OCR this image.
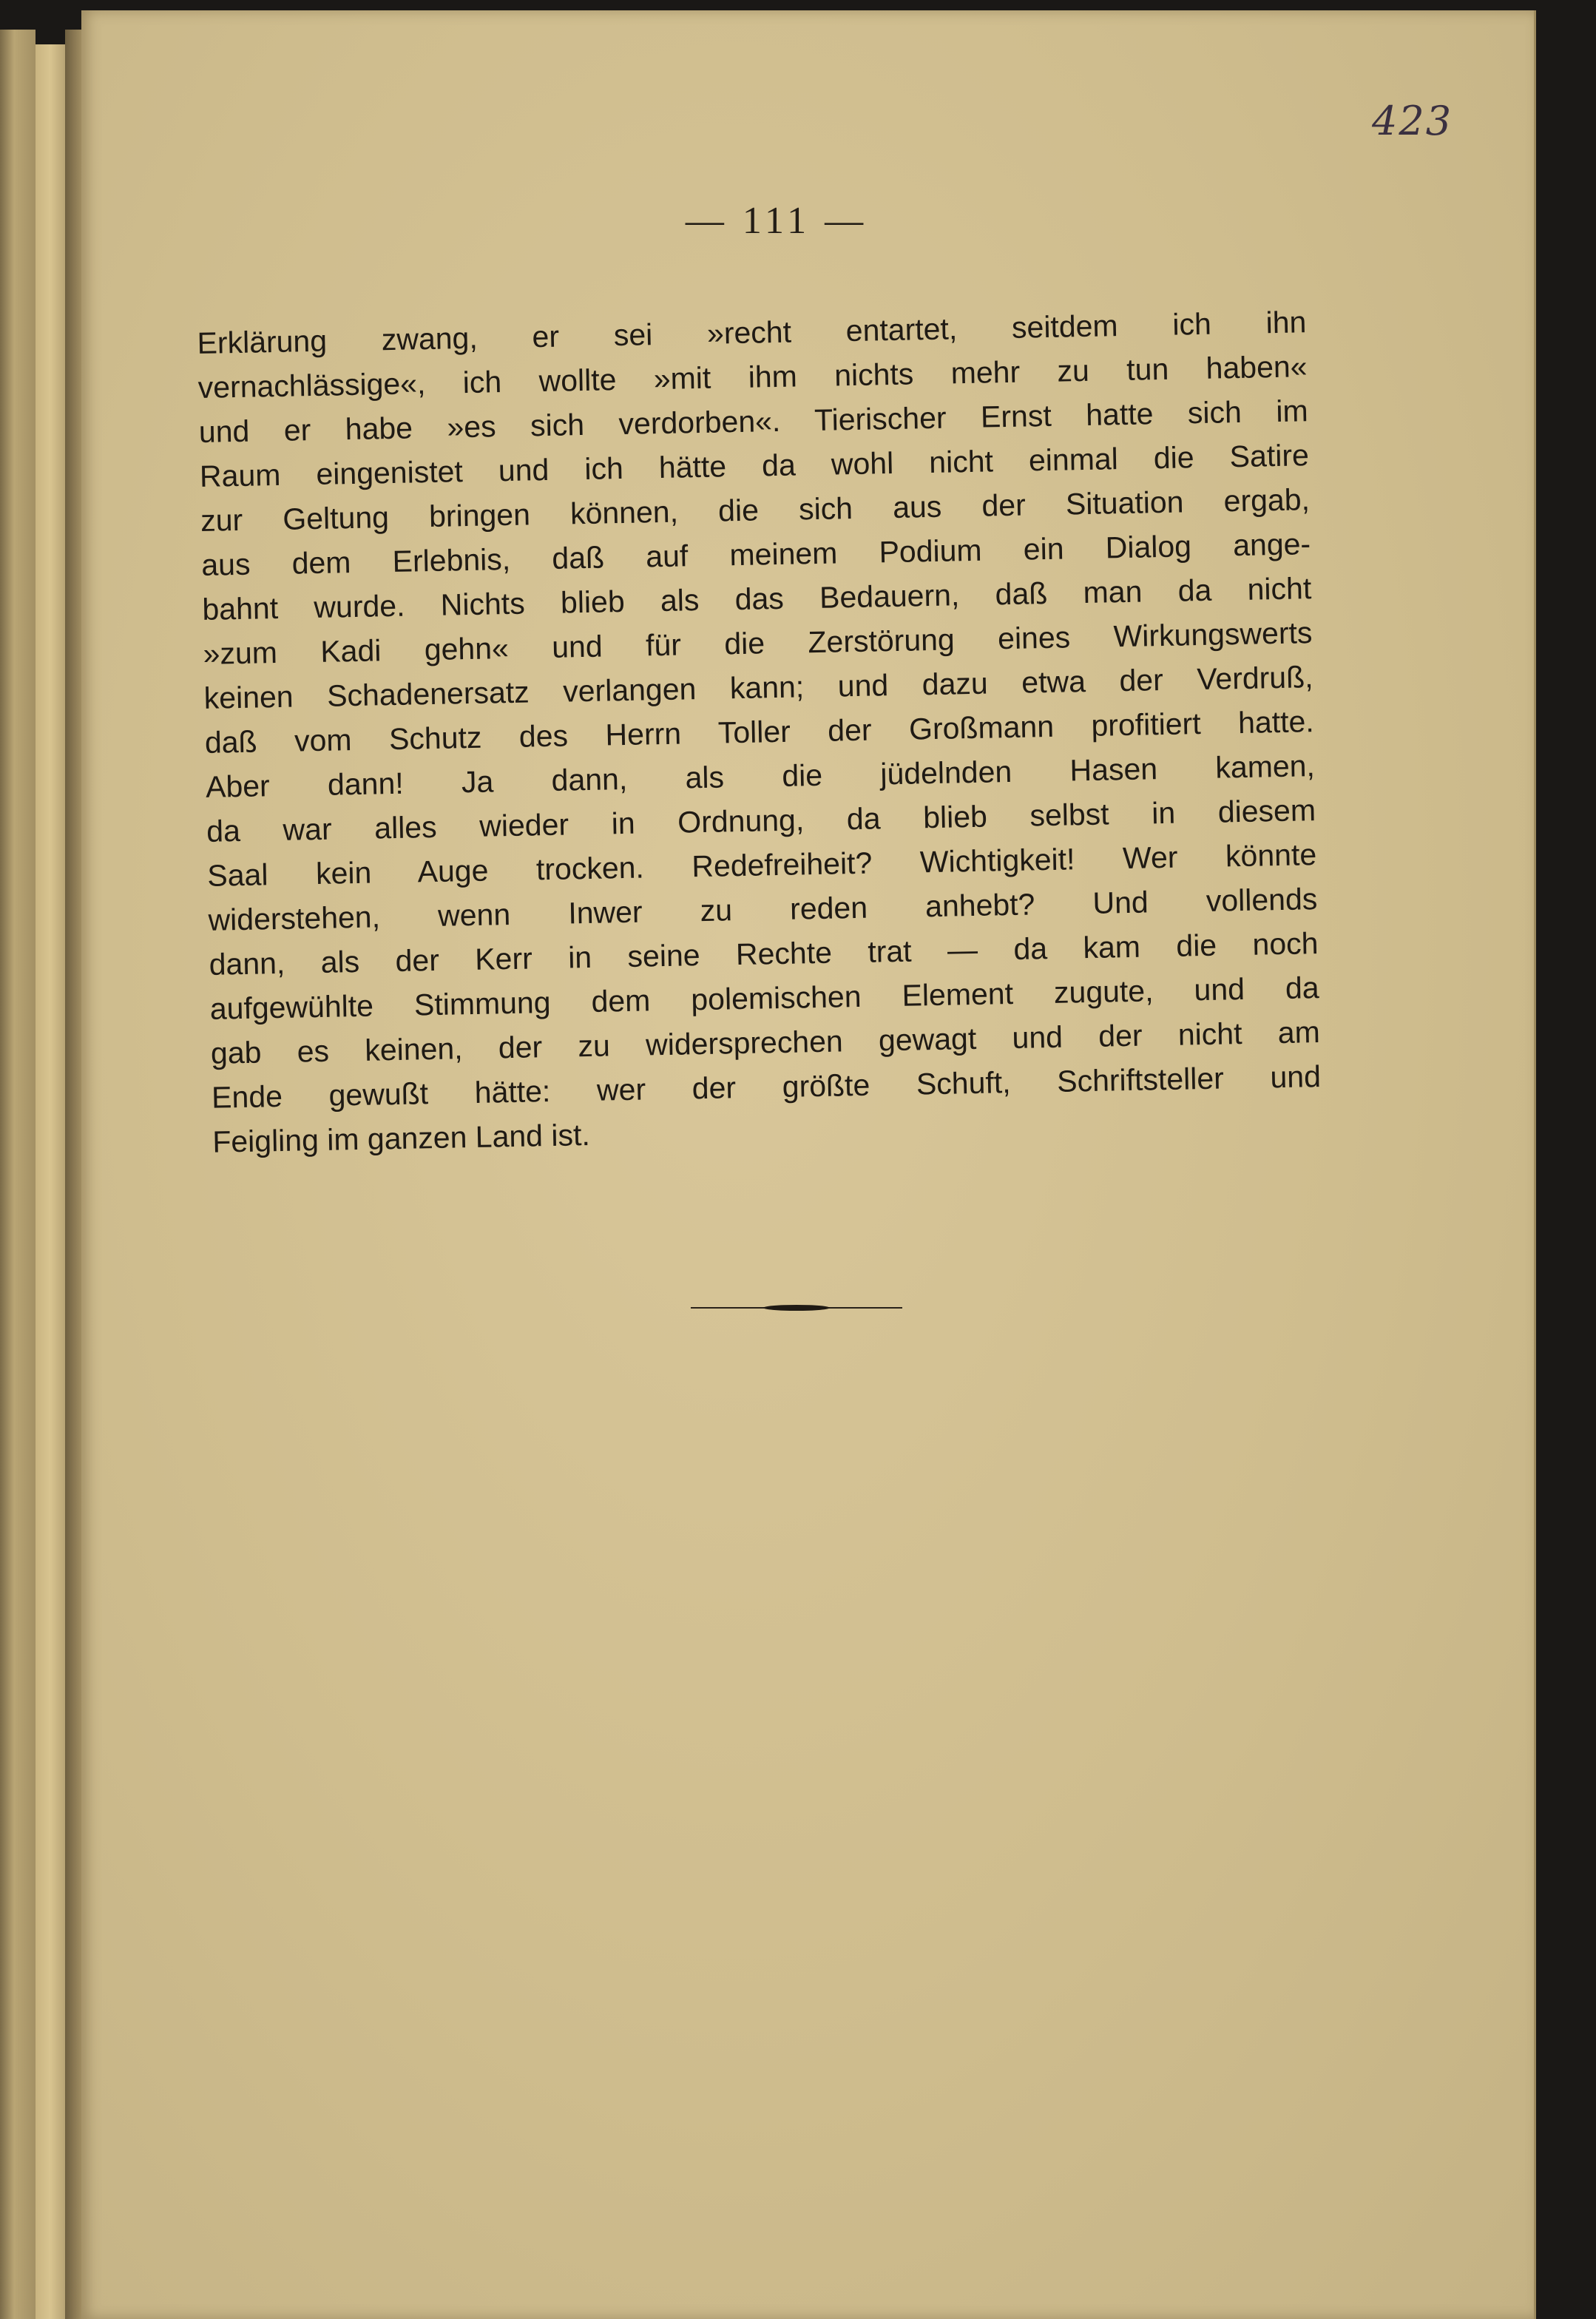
423
— 111 —
Erklärung zwang, er sei »recht entartet, seitdem ich ihn
vernachlässige«, ich wollte »mit ihm nichts mehr zu tun haben«
und er habe »es sich verdorben«. Tierischer Ernst hatte sich im
Raum eingenistet und ich hätte da wohl nicht einmal die Satire
zur Geltung bringen können, die sich aus der Situation ergab,
aus dem Erlebnis, daß auf meinem Podium ein Dialog ange-
bahnt wurde. Nichts blieb als das Bedauern, daß man da nicht
»zum Kadi gehn« und für die Zerstörung eines Wirkungswerts
keinen Schadenersatz verlangen kann; und dazu etwa der Verdruß,
daß vom Schutz des Herrn Toller der Großmann profitiert hatte.
Aber dann! Ja dann, als die jüdelnden Hasen kamen,
da war alles wieder in Ordnung, da blieb selbst in diesem
Saal kein Auge trocken. Redefreiheit? Wichtigkeit! Wer könnte
widerstehen, wenn Inwer zu reden anhebt? Und vollends
dann, als der Kerr in seine Rechte trat — da kam die noch
aufgewühlte Stimmung dem polemischen Element zugute, und da
gab es keinen, der zu widersprechen gewagt und der nicht am
Ende gewußt hätte: wer der größte Schuft, Schriftsteller und
Feigling im ganzen Land ist.
